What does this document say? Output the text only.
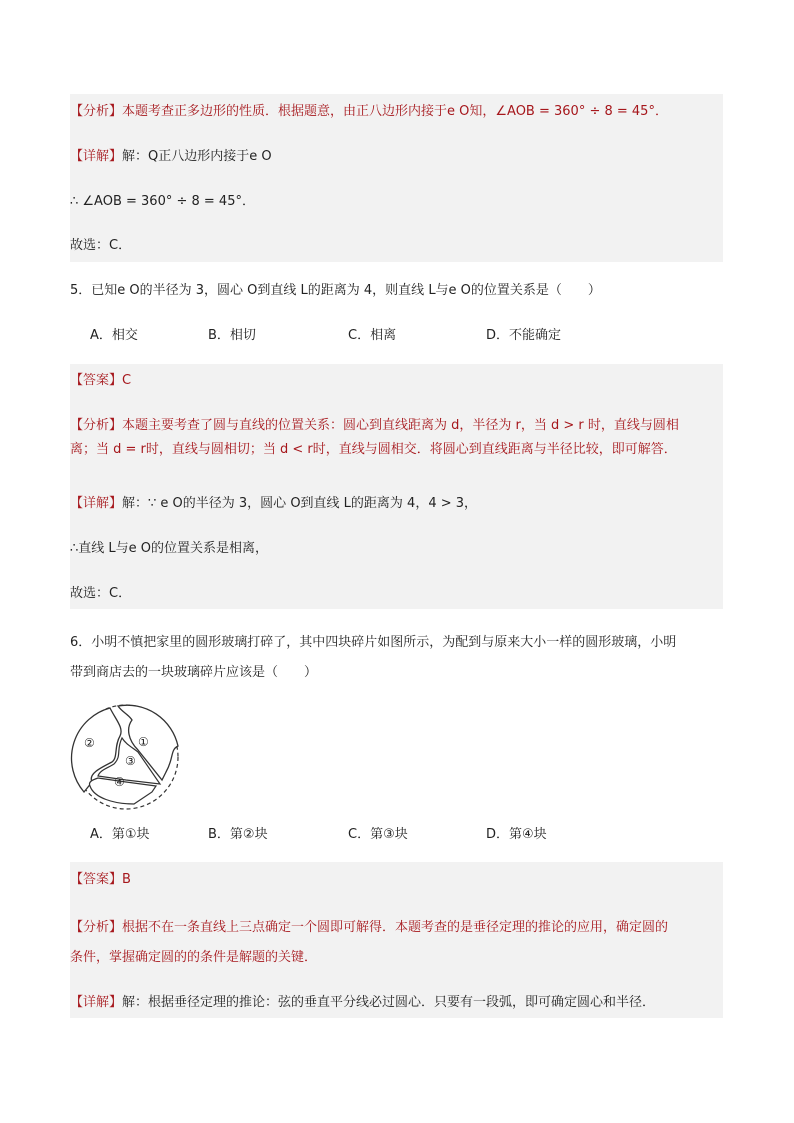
【分析】本题考查正多边形的性质．根据题意，由正八边形内接于e O知，∠AOB = 360° ÷ 8 = 45°．
【详解】解：Q正八边形内接于e O
∴ ∠AOB = 360° ÷ 8 = 45°．
故选：C．
5．已知e O的半径为 3，圆心 O到直线 L的距离为 4，则直线 L与e O的位置关系是（　　）
A．相交	B．相切	C．相离	D．不能确定
【答案】C
【分析】本题主要考查了圆与直线的位置关系：圆心到直线距离为 d，半径为 r，当 d > r 时，直线与圆相
离；当 d = r时，直线与圆相切；当 d < r时，直线与圆相交．将圆心到直线距离与半径比较，即可解答．
【详解】解：∵ e O的半径为 3，圆心 O到直线 L的距离为 4，4 > 3，
∴直线 L与e O的位置关系是相离，
故选：C．
6．小明不慎把家里的圆形玻璃打碎了，其中四块碎片如图所示，为配到与原来大小一样的圆形玻璃，小明
带到商店去的一块玻璃碎片应该是（　　）
②	①
③
④
A．第①块	B．第②块	C．第③块	D．第④块
【答案】B
【分析】根据不在一条直线上三点确定一个圆即可解得．本题考查的是垂径定理的推论的应用，确定圆的
条件，掌握确定圆的的条件是解题的关键．
【详解】解：根据垂径定理的推论：弦的垂直平分线必过圆心．只要有一段弧，即可确定圆心和半径．
